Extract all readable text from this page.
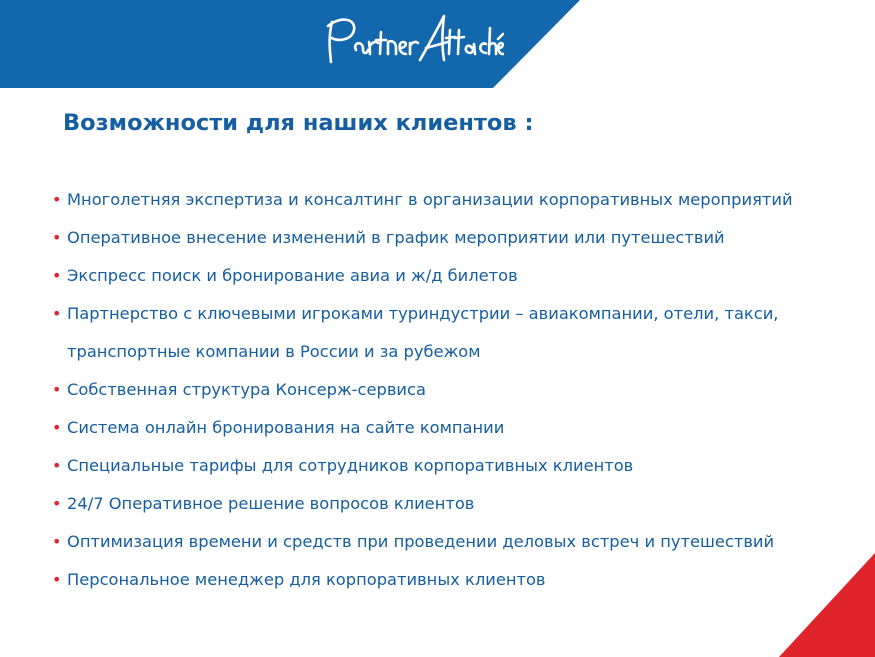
Возможности для наших клиентов :
• Многолетняя экспертиза и консалтинг в организации корпоративных мероприятий
• Оперативное внесение изменений в график мероприятии или путешествий
• Экспресс поиск и бронирование авиа и ж/д билетов
• Партнерство с ключевыми игроками туриндустрии – авиакомпании, отели, такси,
транспортные компании в России и за рубежом
• Собственная структура Консерж-сервиса
• Система онлайн бронирования на сайте компании
• Специальные тарифы для сотрудников корпоративных клиентов
• 24/7 Оперативное решение вопросов клиентов
• Оптимизация времени и средств при проведении деловых встреч и путешествий
• Персональное менеджер для корпоративных клиентов
